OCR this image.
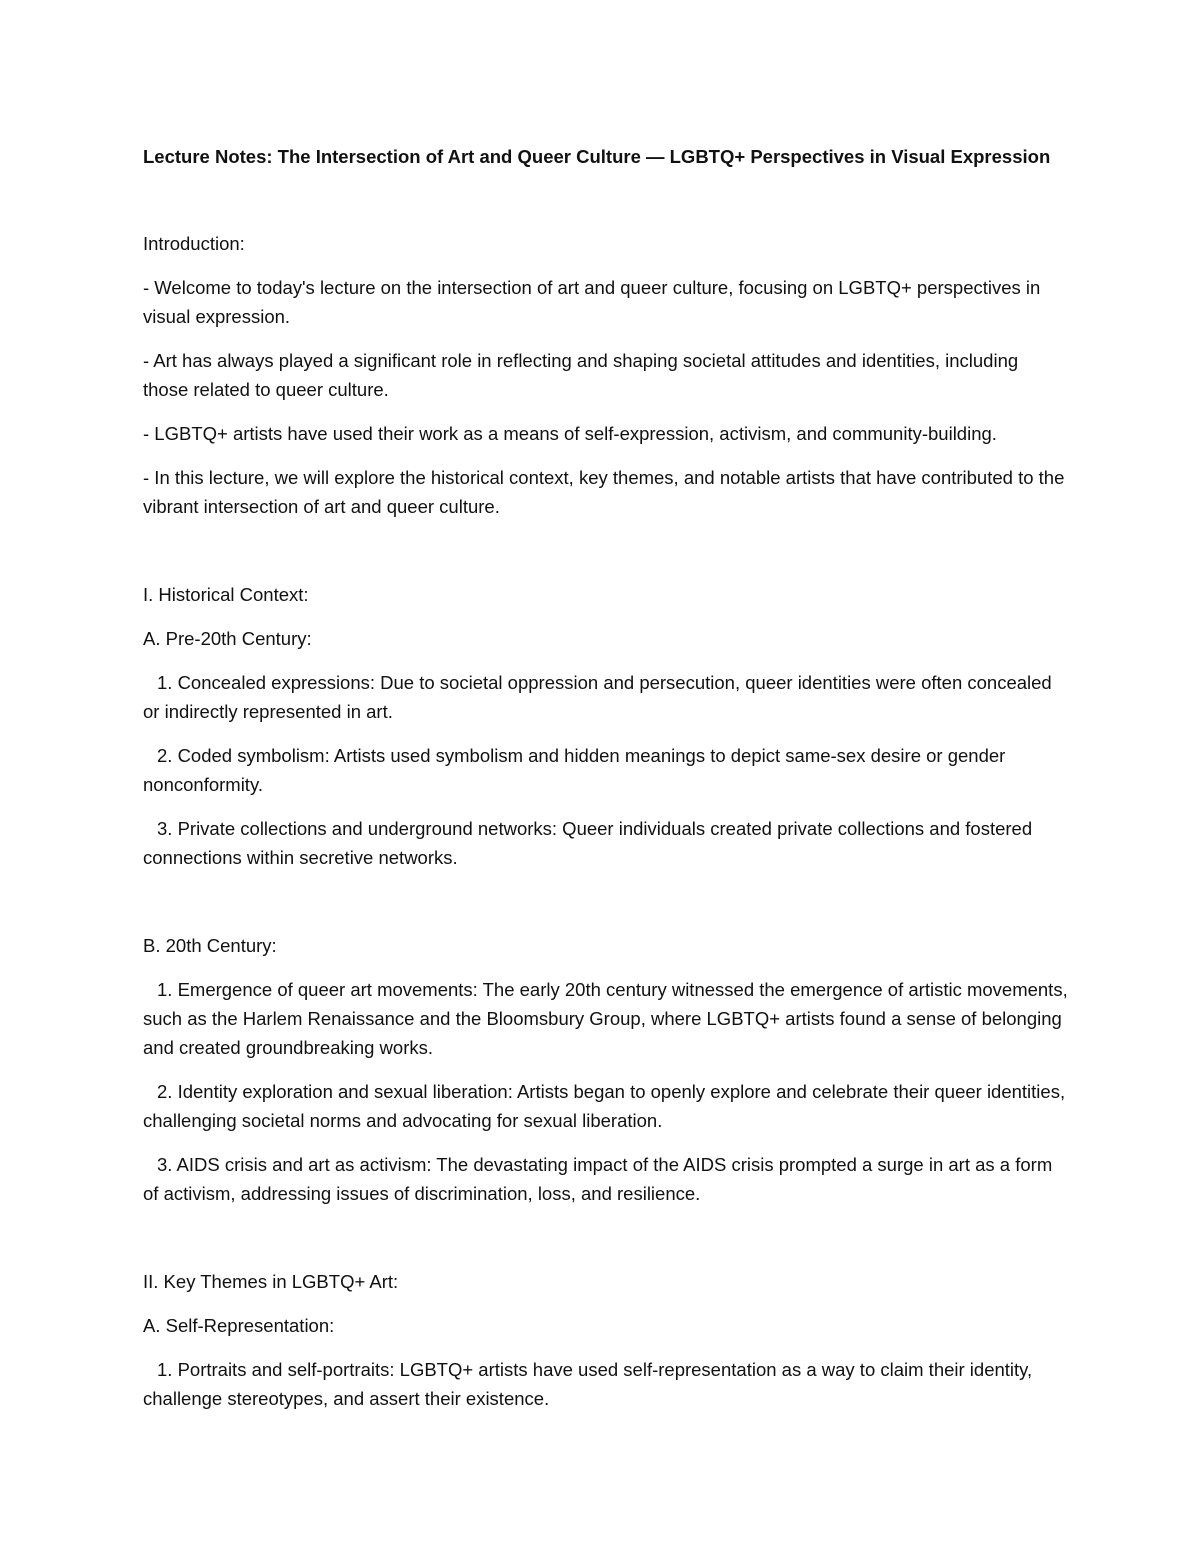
Lecture Notes: The Intersection of Art and Queer Culture — LGBTQ+ Perspectives in Visual Expression

Introduction:

- Welcome to today's lecture on the intersection of art and queer culture, focusing on LGBTQ+ perspectives in visual expression.

- Art has always played a significant role in reflecting and shaping societal attitudes and identities, including those related to queer culture.

- LGBTQ+ artists have used their work as a means of self-expression, activism, and community-building.

- In this lecture, we will explore the historical context, key themes, and notable artists that have contributed to the vibrant intersection of art and queer culture.

I. Historical Context:

A. Pre-20th Century:

1. Concealed expressions: Due to societal oppression and persecution, queer identities were often concealed or indirectly represented in art.

2. Coded symbolism: Artists used symbolism and hidden meanings to depict same-sex desire or gender nonconformity.

3. Private collections and underground networks: Queer individuals created private collections and fostered connections within secretive networks.

B. 20th Century:

1. Emergence of queer art movements: The early 20th century witnessed the emergence of artistic movements, such as the Harlem Renaissance and the Bloomsbury Group, where LGBTQ+ artists found a sense of belonging and created groundbreaking works.

2. Identity exploration and sexual liberation: Artists began to openly explore and celebrate their queer identities, challenging societal norms and advocating for sexual liberation.

3. AIDS crisis and art as activism: The devastating impact of the AIDS crisis prompted a surge in art as a form of activism, addressing issues of discrimination, loss, and resilience.

II. Key Themes in LGBTQ+ Art:

A. Self-Representation:

1. Portraits and self-portraits: LGBTQ+ artists have used self-representation as a way to claim their identity, challenge stereotypes, and assert their existence.
